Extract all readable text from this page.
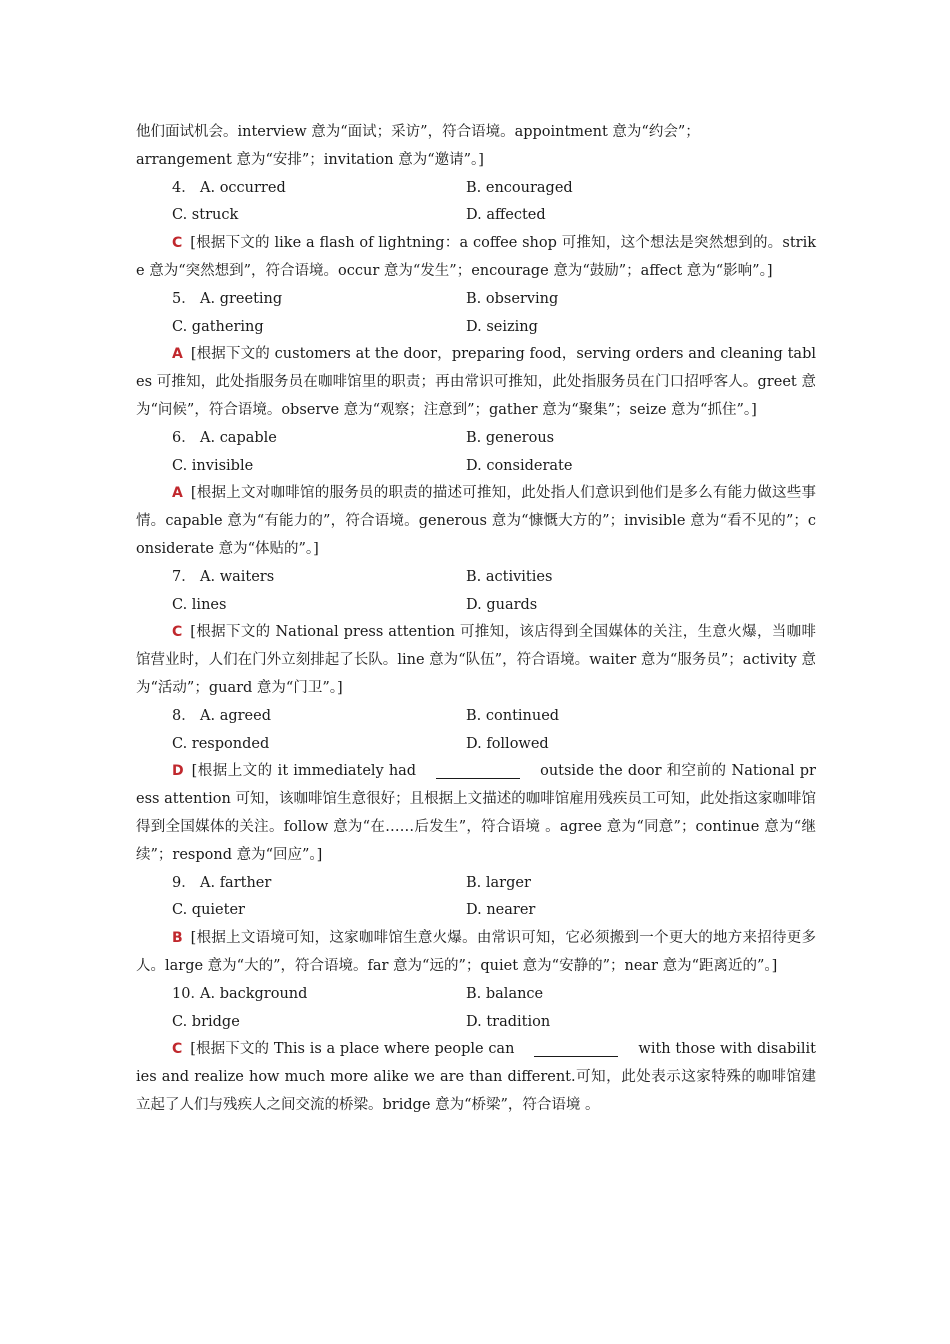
他们面试机会。interview 意为“面试；采访”，符合语境。appointment 意为“约会”；
arrangement 意为“安排”；invitation 意为“邀请”。]

4． A. occurred	B. encouraged
C. struck	D. affected

C [根据下文的 like a flash of lightning：a coffee shop 可推知，这个想法是突然想到的。strike 意为“突然想到”，符合语境。occur 意为“发生”；encourage 意为“鼓励”；affect 意为“影响”。]

5． A. greeting	B. observing
C. gathering	D. seizing

A [根据下文的 customers at the door，preparing food，serving orders and cleaning tables 可推知，此处指服务员在咖啡馆里的职责；再由常识可推知，此处指服务员在门口招呼客人。greet 意为“问候”，符合语境。observe 意为“观察；注意到”；gather 意为“聚集”；seize 意为“抓住”。]

6． A. capable	B. generous
C. invisible	D. considerate

A [根据上文对咖啡馆的服务员的职责的描述可推知，此处指人们意识到他们是多么有能力做这些事情。capable 意为“有能力的”，符合语境。generous 意为“慷慨大方的”；invisible 意为“看不见的”；considerate 意为“体贴的”。]

7． A. waiters	B. activities
C. lines	D. guards

C [根据下文的 National press attention 可推知，该店得到全国媒体的关注，生意火爆，当咖啡馆营业时，人们在门外立刻排起了长队。line 意为“队伍”，符合语境。waiter 意为“服务员”；activity 意为“活动”；guard 意为“门卫”。]

8． A. agreed	B. continued
C. responded	D. followed

D [根据上文的 it immediately had	outside the door 和空前的 National press attention 可知，该咖啡馆生意很好；且根据上文描述的咖啡馆雇用残疾员工可知，此处指这家咖啡馆得到全国媒体的关注。follow 意为“在……后发生”，符合语境 。agree 意为“同意”；continue 意为“继续”；respond 意为“回应”。]

9． A. farther	B. larger
C. quieter	D. nearer

B [根据上文语境可知，这家咖啡馆生意火爆。由常识可知，它必须搬到一个更大的地方来招待更多人。large 意为“大的”，符合语境。far 意为“远的”；quiet 意为“安静的”；near 意为“距离近的”。]

10．
A. background	B. balance
C. bridge	D. tradition

C [根据下文的 This is a place where people can	with those with disabilities and realize how much more alike we are than different.可知，此处表示这家特殊的咖啡馆建立起了人们与残疾人之间交流的桥梁。bridge 意为“桥梁”，符合语境 。
